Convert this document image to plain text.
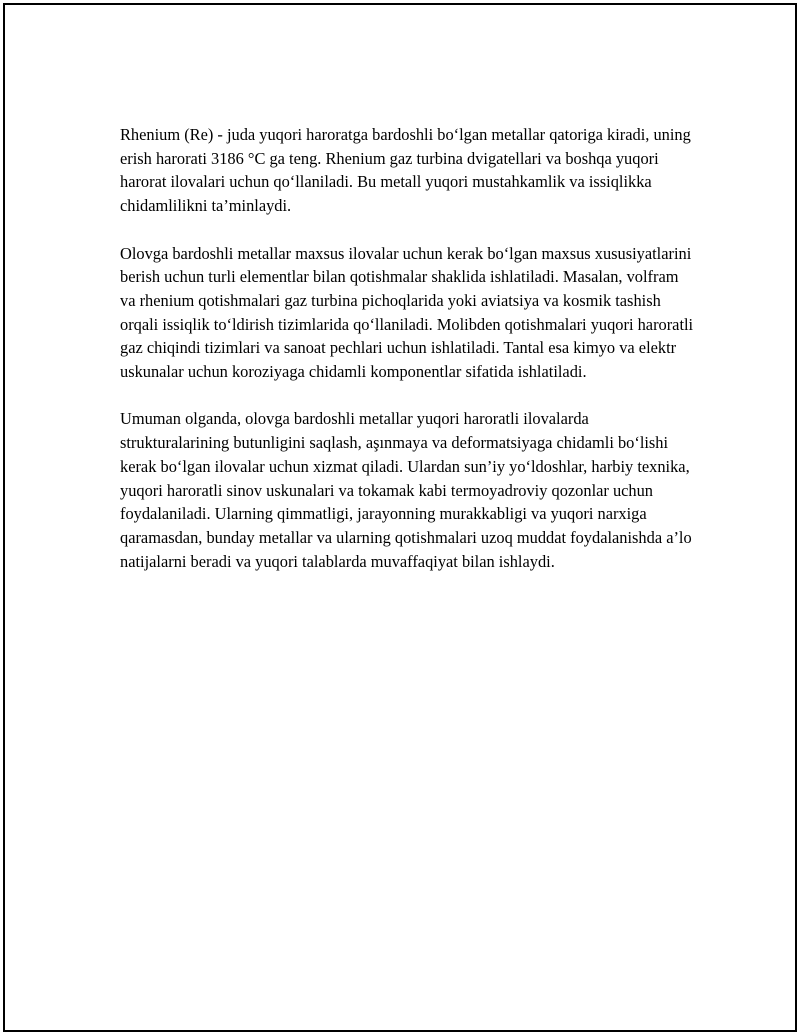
Rhenium (Re) - juda yuqori haroratga bardoshli bo‘lgan metallar qatoriga kiradi, uning erish harorati 3186 °C ga teng. Rhenium gaz turbina dvigatellari va boshqa yuqori harorat ilovalari uchun qo‘llaniladi. Bu metall yuqori mustahkamlik va issiqlikka chidamlilikni ta’minlaydi.

Olovga bardoshli metallar maxsus ilovalar uchun kerak bo‘lgan maxsus xususiyatlarini berish uchun turli elementlar bilan qotishmalar shaklida ishlatiladi. Masalan, volfram va rhenium qotishmalari gaz turbina pichoqlarida yoki aviatsiya va kosmik tashish orqali issiqlik to‘ldirish tizimlarida qo‘llaniladi. Molibden qotishmalari yuqori haroratli gaz chiqindi tizimlari va sanoat pechlari uchun ishlatiladi. Tantal esa kimyo va elektr uskunalar uchun koroziyaga chidamli komponentlar sifatida ishlatiladi.

Umuman olganda, olovga bardoshli metallar yuqori haroratli ilovalarda strukturalarining butunligini saqlash, aşınmaya va deformatsiyaga chidamli bo‘lishi kerak bo‘lgan ilovalar uchun xizmat qiladi. Ulardan sun’iy yo‘ldoshlar, harbiy texnika, yuqori haroratli sinov uskunalari va tokamak kabi termoyadroviy qozonlar uchun foydalaniladi. Ularning qimmatligi, jarayonning murakkabligi va yuqori narxiga qaramasdan, bunday metallar va ularning qotishmalari uzoq muddat foydalanishda a’lo natijalarni beradi va yuqori talablarda muvaffaqiyat bilan ishlaydi.
